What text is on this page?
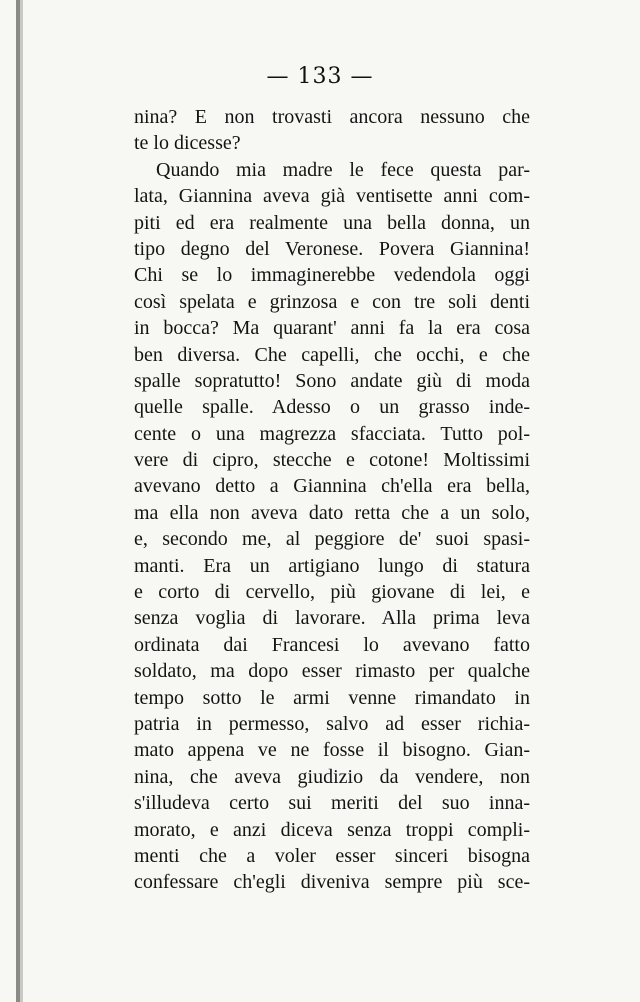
— 133 —
nina? E non trovasti ancora nessuno che
te lo dicesse?
Quando mia madre le fece questa par-
lata, Giannina aveva già ventisette anni com-
piti ed era realmente una bella donna, un
tipo degno del Veronese. Povera Giannina!
Chi se lo immaginerebbe vedendola oggi
così spelata e grinzosa e con tre soli denti
in bocca? Ma quarant' anni fa la era cosa
ben diversa. Che capelli, che occhi, e che
spalle sopratutto! Sono andate giù di moda
quelle spalle. Adesso o un grasso inde-
cente o una magrezza sfacciata. Tutto pol-
vere di cipro, stecche e cotone! Moltissimi
avevano detto a Giannina ch'ella era bella,
ma ella non aveva dato retta che a un solo,
e, secondo me, al peggiore de' suoi spasi-
manti. Era un artigiano lungo di statura
e corto di cervello, più giovane di lei, e
senza voglia di lavorare. Alla prima leva
ordinata dai Francesi lo avevano fatto
soldato, ma dopo esser rimasto per qualche
tempo sotto le armi venne rimandato in
patria in permesso, salvo ad esser richia-
mato appena ve ne fosse il bisogno. Gian-
nina, che aveva giudizio da vendere, non
s'illudeva certo sui meriti del suo inna-
morato, e anzi diceva senza troppi compli-
menti che a voler esser sinceri bisogna
confessare ch'egli diveniva sempre più sce-
